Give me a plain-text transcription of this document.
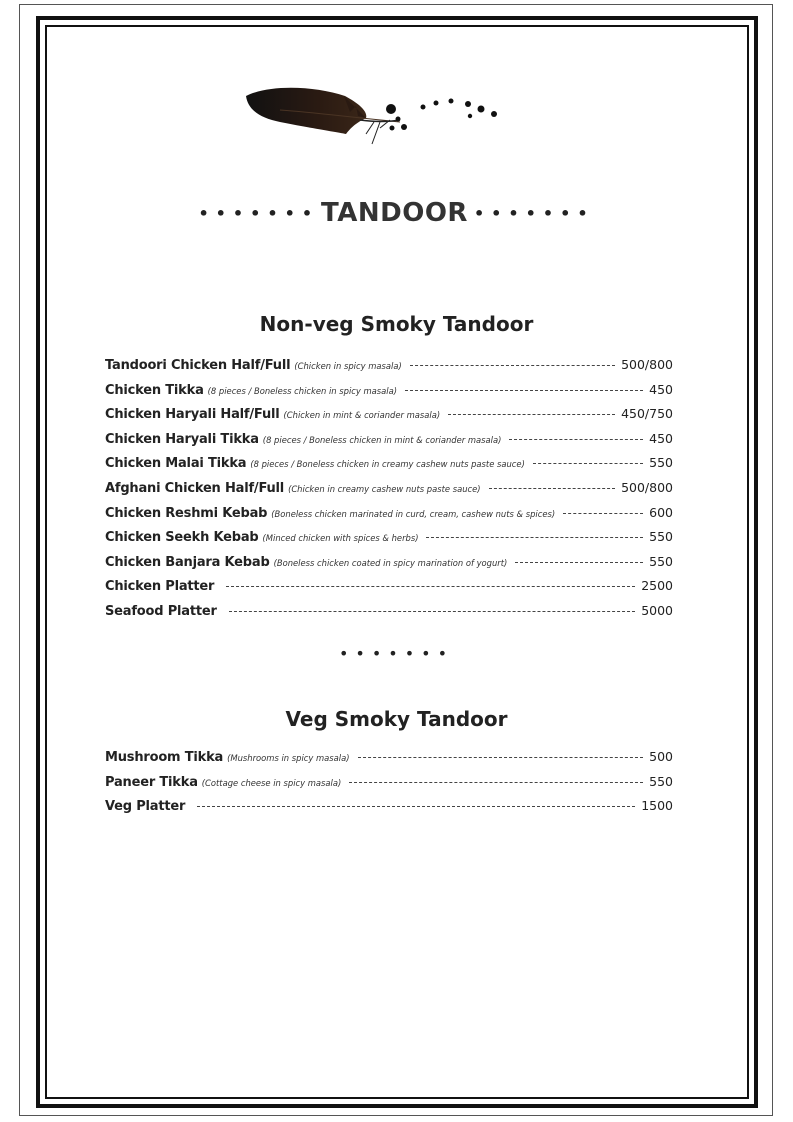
••••••• TANDOOR •••••••
Non-veg Smoky Tandoor
Tandoori Chicken Half/Full (Chicken in spicy masala)	500/800
Chicken Tikka (8 pieces / Boneless chicken in spicy masala)	450
Chicken Haryali Half/Full (Chicken in mint & coriander masala)	450/750
Chicken Haryali Tikka (8 pieces / Boneless chicken in mint & coriander masala)	450
Chicken Malai Tikka (8 pieces / Boneless chicken in creamy cashew nuts paste sauce)	550
Afghani Chicken Half/Full (Chicken in creamy cashew nuts paste sauce)	500/800
Chicken Reshmi Kebab (Boneless chicken marinated in curd, cream, cashew nuts & spices)	600
Chicken Seekh Kebab (Minced chicken with spices & herbs)	550
Chicken Banjara Kebab (Boneless chicken coated in spicy marination of yogurt)	550
Chicken Platter	2500
Seafood Platter	5000
•••••••
Veg Smoky Tandoor
Mushroom Tikka (Mushrooms in spicy masala)	500
Paneer Tikka (Cottage cheese in spicy masala)	550
Veg Platter	1500
